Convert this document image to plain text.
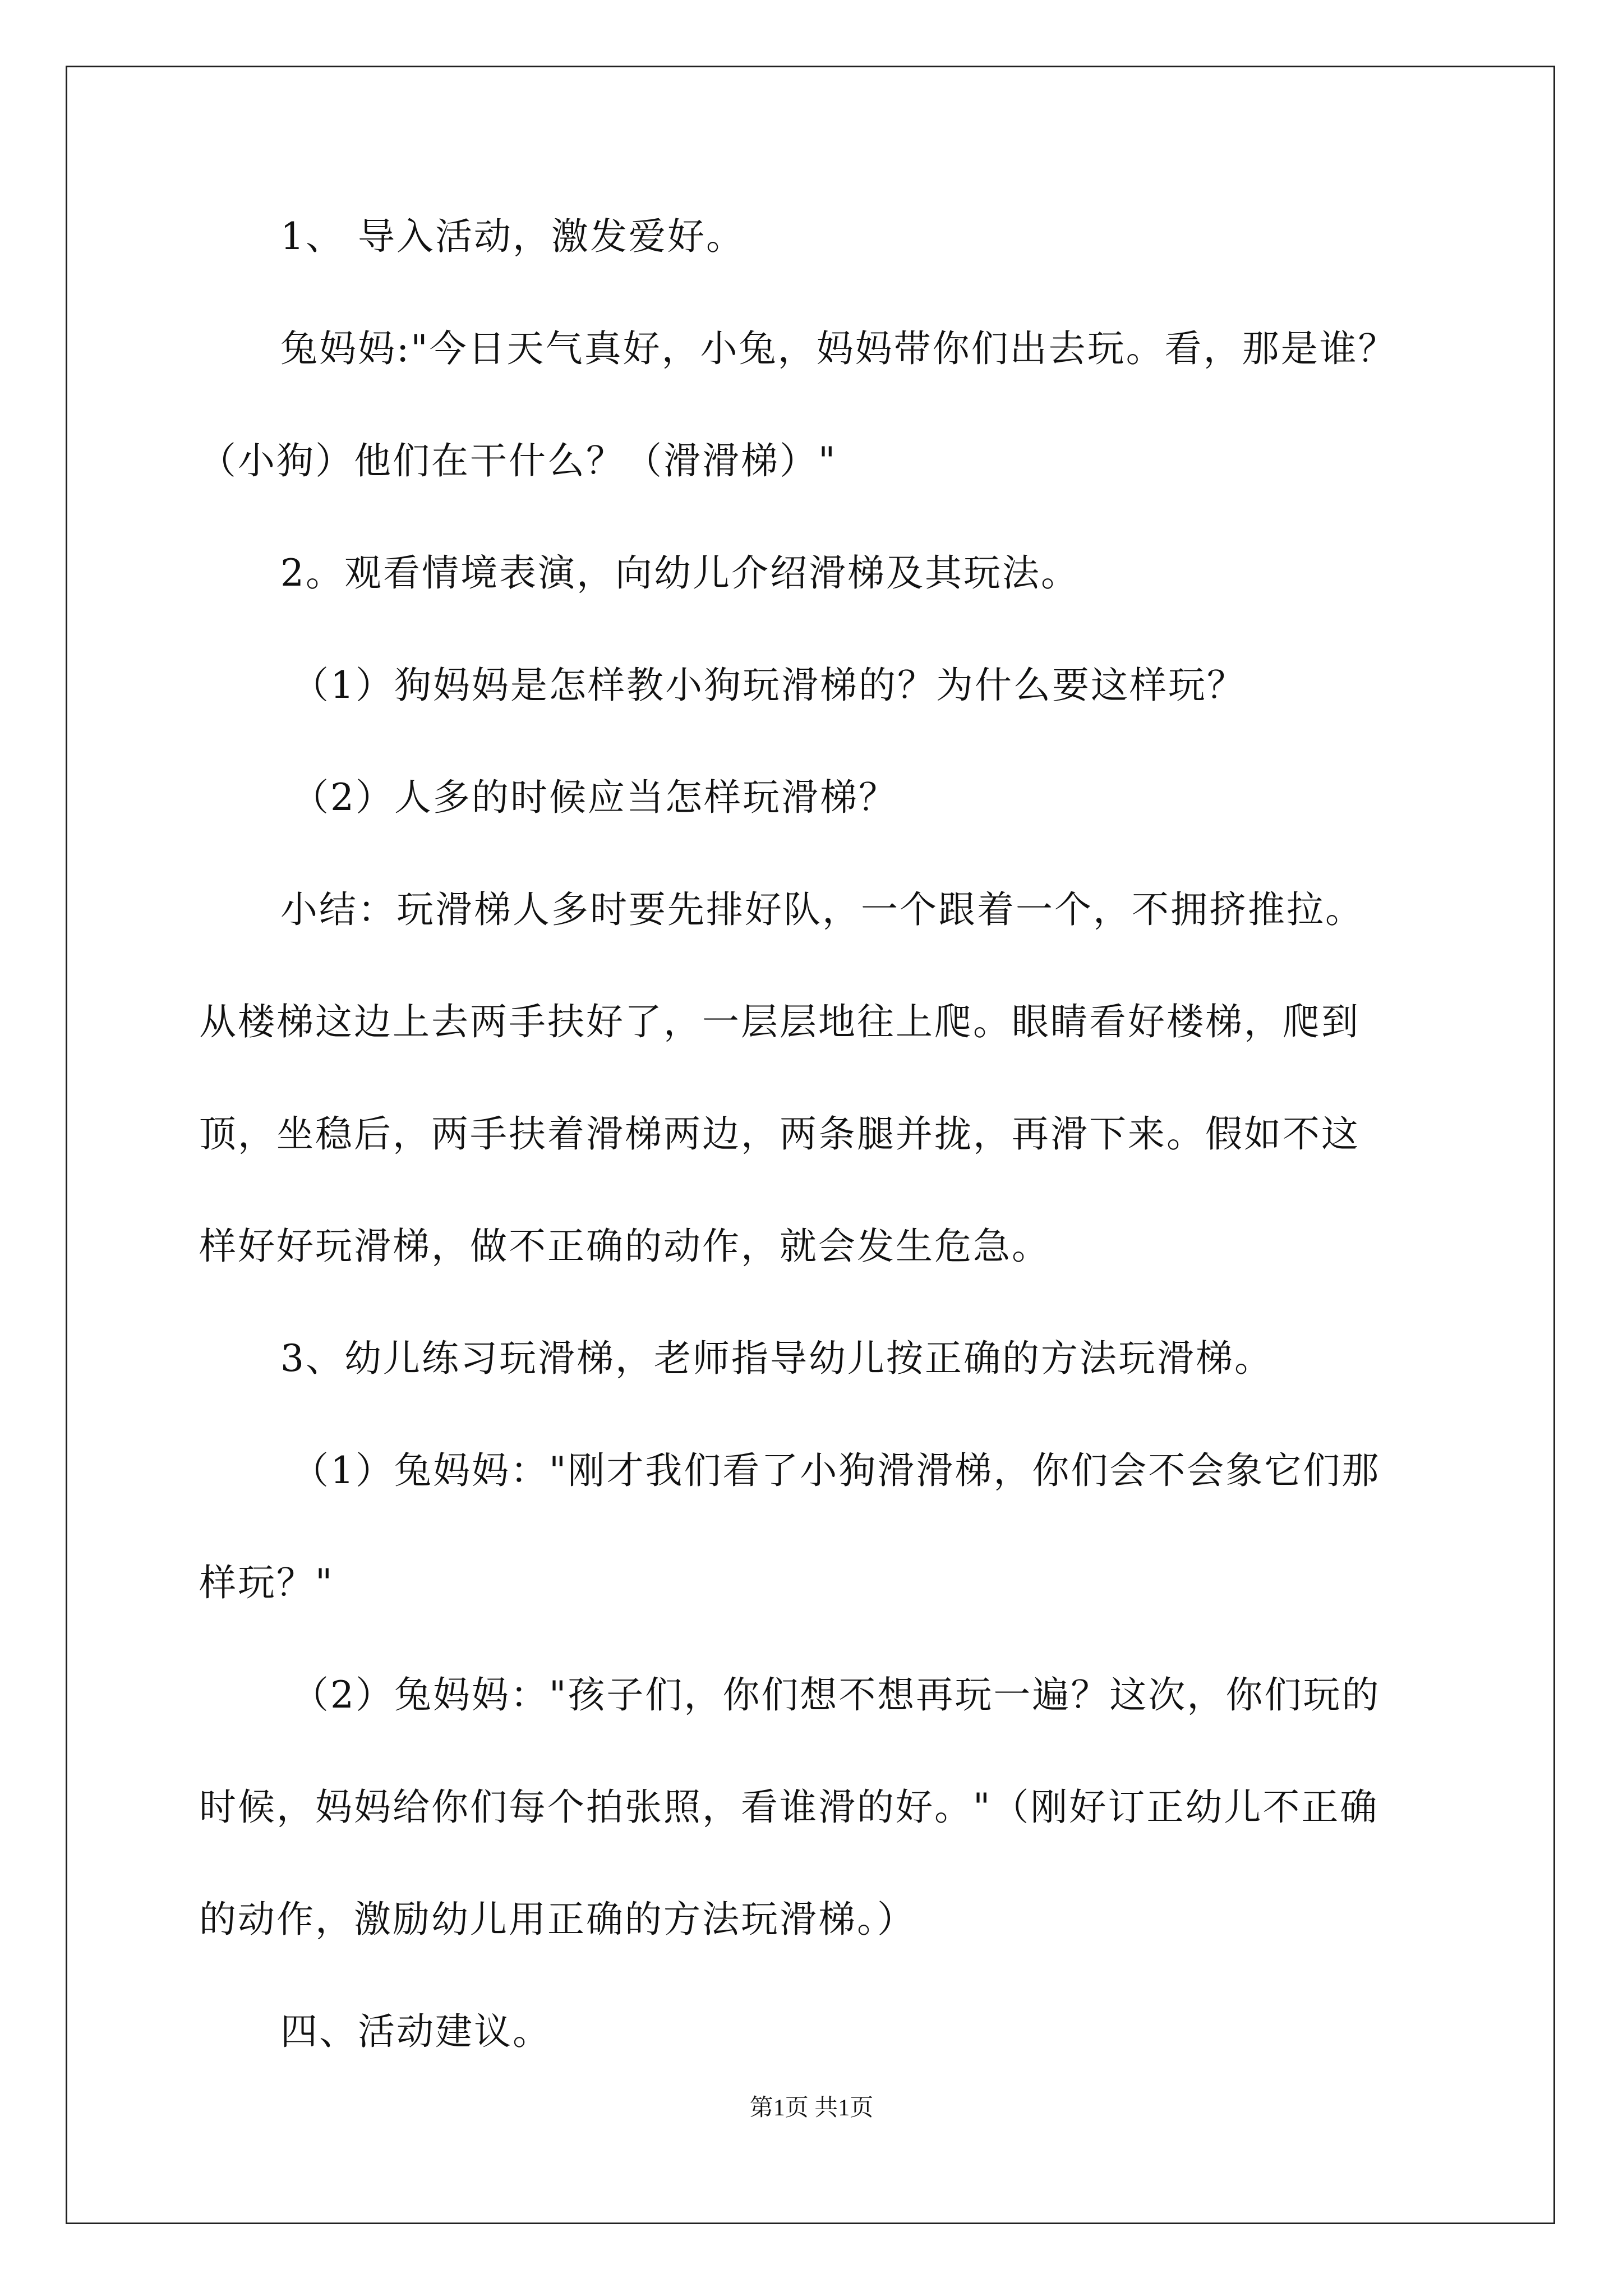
1、 导入活动，激发爱好。
兔妈妈:"今日天气真好，小兔，妈妈带你们出去玩。看，那是谁？
（小狗）他们在干什么？（滑滑梯）"
2。观看情境表演，向幼儿介绍滑梯及其玩法。
（1）狗妈妈是怎样教小狗玩滑梯的？为什么要这样玩？
（2）人多的时候应当怎样玩滑梯？
小结：玩滑梯人多时要先排好队，一个跟着一个，不拥挤推拉。
从楼梯这边上去两手扶好了，一层层地往上爬。眼睛看好楼梯，爬到
顶，坐稳后，两手扶着滑梯两边，两条腿并拢，再滑下来。假如不这
样好好玩滑梯，做不正确的动作，就会发生危急。
3、幼儿练习玩滑梯，老师指导幼儿按正确的方法玩滑梯。
（1）兔妈妈："刚才我们看了小狗滑滑梯，你们会不会象它们那
样玩？"
（2）兔妈妈："孩子们，你们想不想再玩一遍？这次，你们玩的
时候，妈妈给你们每个拍张照，看谁滑的好。"（刚好订正幼儿不正确
的动作，激励幼儿用正确的方法玩滑梯。）
四、活动建议。
第1页 共1页
